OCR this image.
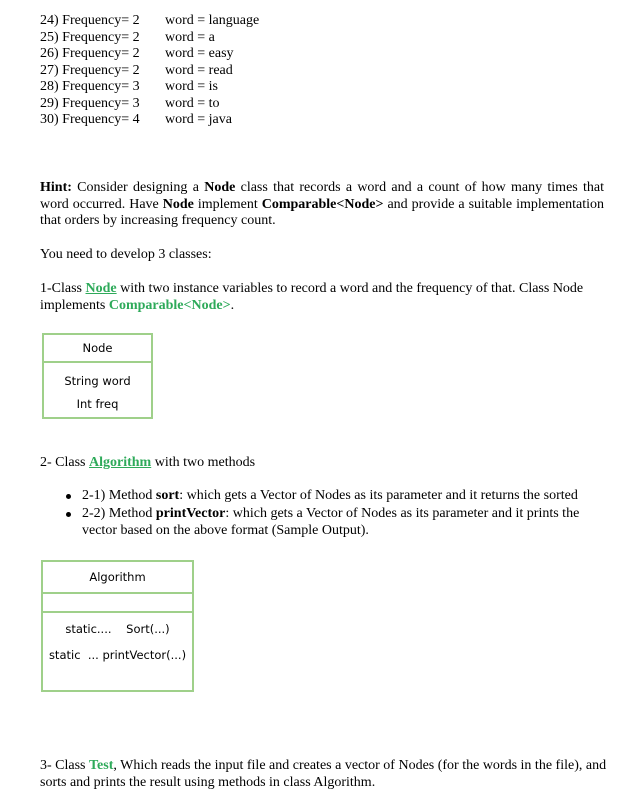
24) Frequency= 2
25) Frequency= 2
26) Frequency= 2
27) Frequency= 2
28) Frequency= 3
29) Frequency= 3
30) Frequency= 4
word = language
word = a
word = easy
word = read
word = is
word = to
word = java

Hint: Consider designing a Node class that records a word and a count of how many times that word occurred. Have Node implement Comparable<Node> and provide a suitable implementation that orders by increasing frequency count.

You need to develop 3 classes:

1-Class Node with two instance variables to record a word and the frequency of that. Class Node implements Comparable<Node>.

Node
String word
Int freq

2- Class Algorithm with two methods

2-1) Method sort: which gets a Vector of Nodes as its parameter and it returns the sorted

2-2) Method printVector: which gets a Vector of Nodes as its parameter and it prints the vector based on the above format (Sample Output).

Algorithm
static....    Sort(...)
static  ... printVector(...)

3- Class Test, Which reads the input file and creates a vector of Nodes (for the words in the file), and sorts and prints the result using methods in class Algorithm.
